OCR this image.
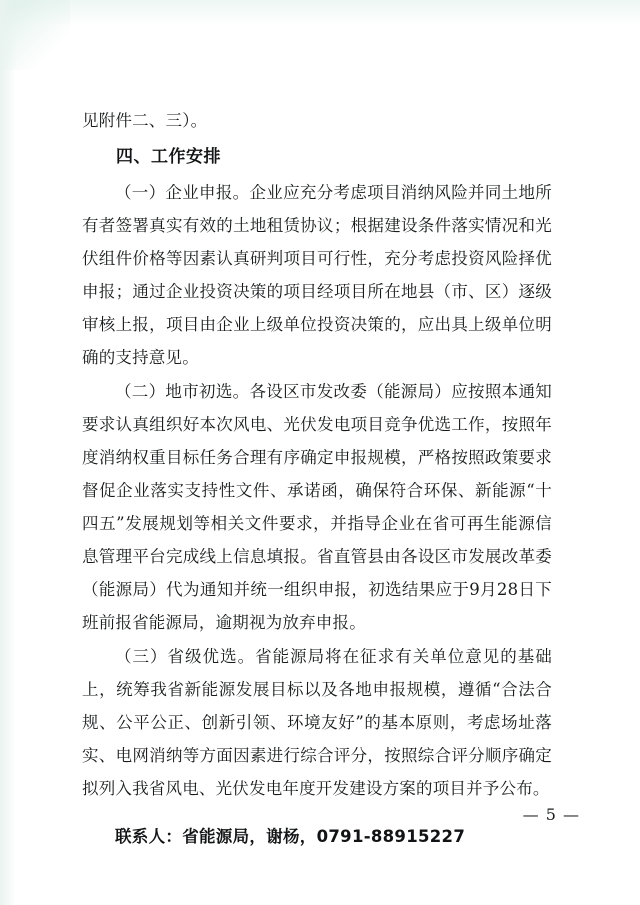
见附件二、三）。

四、工作安排

（一）企业申报。企业应充分考虑项目消纳风险并同土地所有者签署真实有效的土地租赁协议；根据建设条件落实情况和光伏组件价格等因素认真研判项目可行性，充分考虑投资风险择优申报；通过企业投资决策的项目经项目所在地县（市、区）逐级审核上报，项目由企业上级单位投资决策的，应出具上级单位明确的支持意见。

（二）地市初选。各设区市发改委（能源局）应按照本通知要求认真组织好本次风电、光伏发电项目竞争优选工作，按照年度消纳权重目标任务合理有序确定申报规模，严格按照政策要求督促企业落实支持性文件、承诺函，确保符合环保、新能源“十四五”发展规划等相关文件要求，并指导企业在省可再生能源信息管理平台完成线上信息填报。省直管县由各设区市发展改革委（能源局）代为通知并统一组织申报，初选结果应于9月28日下班前报省能源局，逾期视为放弃申报。

（三）省级优选。省能源局将在征求有关单位意见的基础上，统筹我省新能源发展目标以及各地申报规模，遵循“合法合规、公平公正、创新引领、环境友好”的基本原则，考虑场址落实、电网消纳等方面因素进行综合评分，按照综合评分顺序确定拟列入我省风电、光伏发电年度开发建设方案的项目并予公布。

联系人：省能源局，谢杨，0791-88915227

— 5 —
